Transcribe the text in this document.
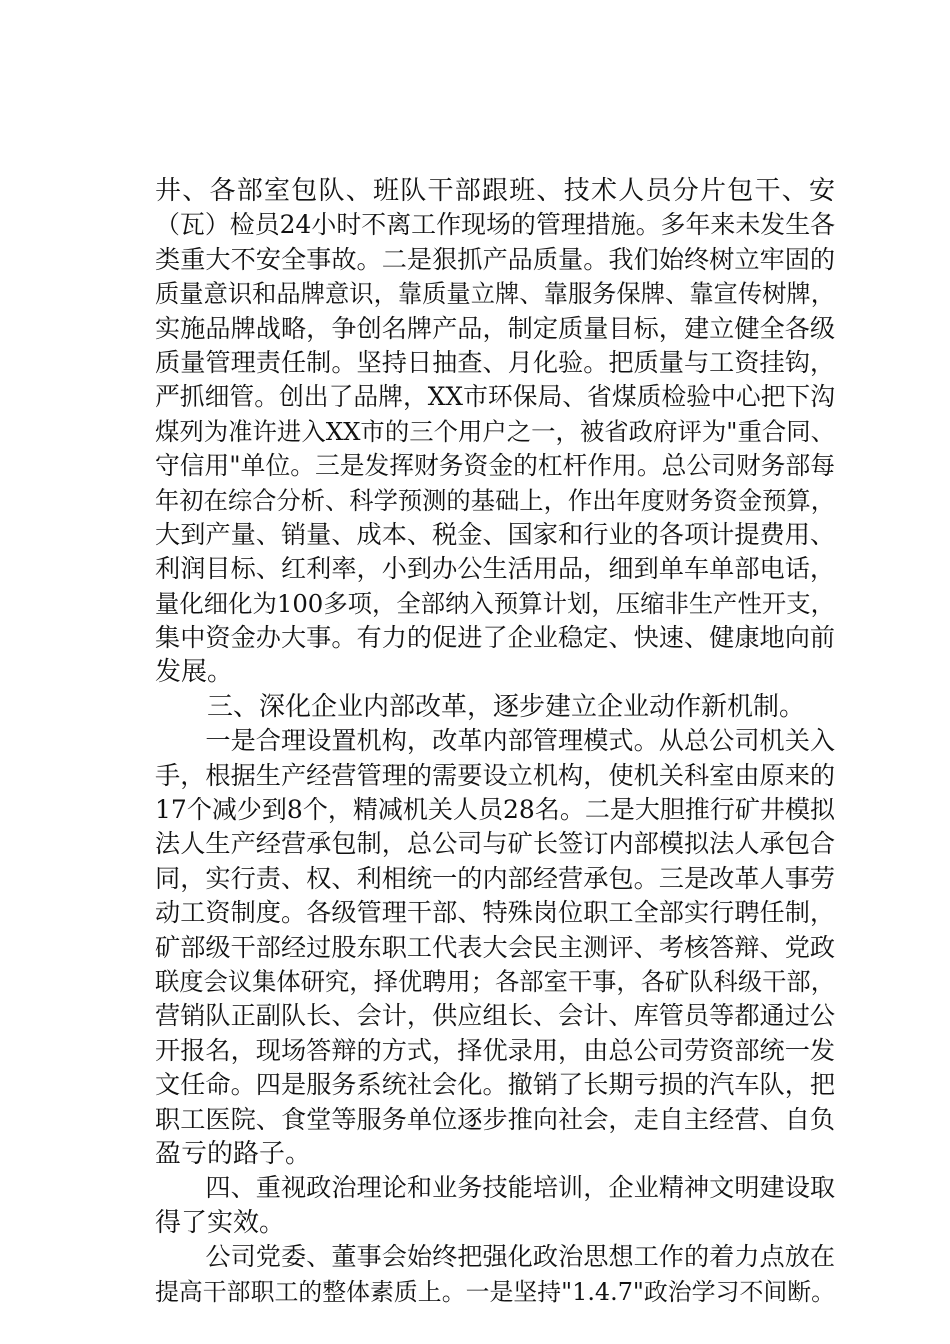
井、各部室包队、班队干部跟班、技术人员分片包干、安
（瓦）检员24小时不离工作现场的管理措施。多年来未发生各
类重大不安全事故。二是狠抓产品质量。我们始终树立牢固的
质量意识和品牌意识，靠质量立牌、靠服务保牌、靠宣传树牌，
实施品牌战略，争创名牌产品，制定质量目标，建立健全各级
质量管理责任制。坚持日抽查、月化验。把质量与工资挂钩，
严抓细管。创出了品牌，XX市环保局、省煤质检验中心把下沟
煤列为准许进入XX市的三个用户之一，被省政府评为"重合同、
守信用"单位。三是发挥财务资金的杠杆作用。总公司财务部每
年初在综合分析、科学预测的基础上，作出年度财务资金预算，
大到产量、销量、成本、税金、国家和行业的各项计提费用、
利润目标、红利率，小到办公生活用品，细到单车单部电话，
量化细化为100多项，全部纳入预算计划，压缩非生产性开支，
集中资金办大事。有力的促进了企业稳定、快速、健康地向前
发展。
　　三、深化企业内部改革，逐步建立企业动作新机制。
　　一是合理设置机构，改革内部管理模式。从总公司机关入
手，根据生产经营管理的需要设立机构，使机关科室由原来的
17个减少到8个，精减机关人员28名。二是大胆推行矿井模拟
法人生产经营承包制，总公司与矿长签订内部模拟法人承包合
同，实行责、权、利相统一的内部经营承包。三是改革人事劳
动工资制度。各级管理干部、特殊岗位职工全部实行聘任制，
矿部级干部经过股东职工代表大会民主测评、考核答辩、党政
联度会议集体研究，择优聘用；各部室干事，各矿队科级干部，
营销队正副队长、会计，供应组长、会计、库管员等都通过公
开报名，现场答辩的方式，择优录用，由总公司劳资部统一发
文任命。四是服务系统社会化。撤销了长期亏损的汽车队，把
职工医院、食堂等服务单位逐步推向社会，走自主经营、自负
盈亏的路子。
　　四、重视政治理论和业务技能培训，企业精神文明建设取
得了实效。
　　公司党委、董事会始终把强化政治思想工作的着力点放在
提高干部职工的整体素质上。一是坚持"1.4.7"政治学习不间断。
